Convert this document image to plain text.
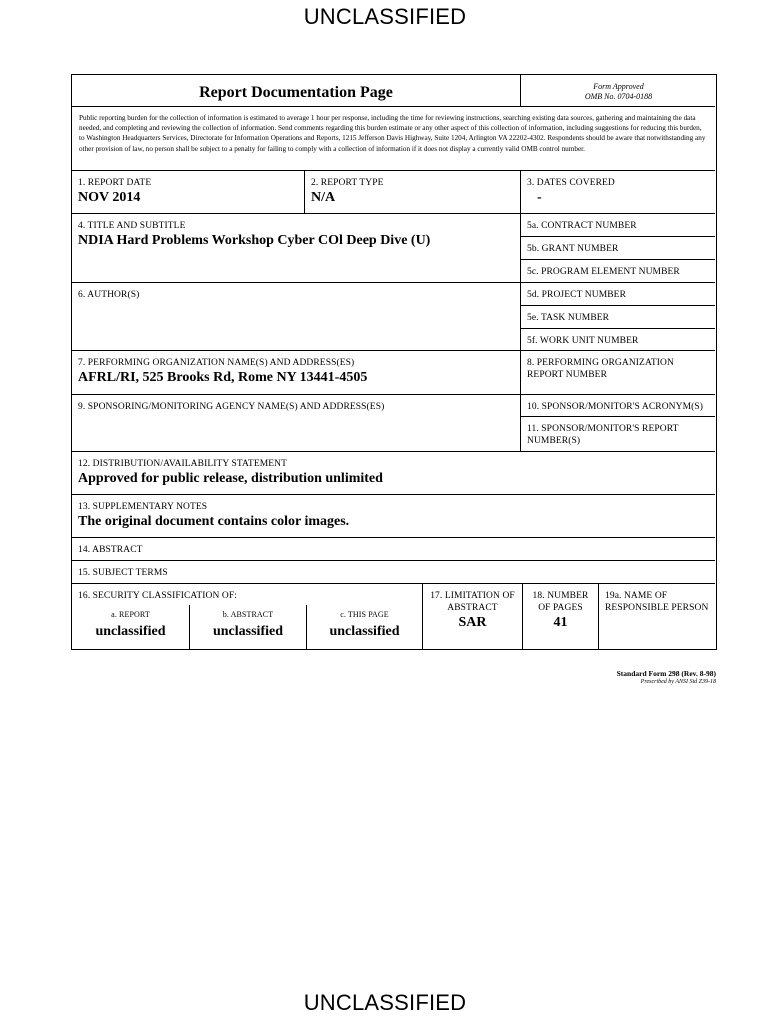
UNCLASSIFIED
Report Documentation Page	Form Approved
OMB No. 0704-0188
Public reporting burden for the collection of information is estimated to average 1 hour per response, including the time for reviewing instructions, searching existing data sources, gathering and maintaining the data needed, and completing and reviewing the collection of information. Send comments regarding this burden estimate or any other aspect of this collection of information, including suggestions for reducing this burden, to Washington Headquarters Services, Directorate for Information Operations and Reports, 1215 Jefferson Davis Highway, Suite 1204, Arlington VA 22202-4302. Respondents should be aware that notwithstanding any other provision of law, no person shall be subject to a penalty for failing to comply with a collection of information if it does not display a currently valid OMB control number.
1. REPORT DATE
NOV 2014
2. REPORT TYPE
N/A
3. DATES COVERED
-
4. TITLE AND SUBTITLE
NDIA Hard Problems Workshop Cyber COl Deep Dive (U)
5a. CONTRACT NUMBER
5b. GRANT NUMBER
5c. PROGRAM ELEMENT NUMBER
6. AUTHOR(S)	5d. PROJECT NUMBER
5e. TASK NUMBER
5f. WORK UNIT NUMBER
7. PERFORMING ORGANIZATION NAME(S) AND ADDRESS(ES)
AFRL/RI, 525 Brooks Rd, Rome NY 13441-4505
8. PERFORMING ORGANIZATION REPORT NUMBER
9. SPONSORING/MONITORING AGENCY NAME(S) AND ADDRESS(ES)	10. SPONSOR/MONITOR'S ACRONYM(S)
11. SPONSOR/MONITOR'S REPORT NUMBER(S)
12. DISTRIBUTION/AVAILABILITY STATEMENT
Approved for public release, distribution unlimited
13. SUPPLEMENTARY NOTES
The original document contains color images.
14. ABSTRACT
15. SUBJECT TERMS
16. SECURITY CLASSIFICATION OF:
a. REPORT
unclassified
b. ABSTRACT
unclassified
c. THIS PAGE
unclassified
17. LIMITATION OF ABSTRACT
SAR
18. NUMBER OF PAGES
41
19a. NAME OF RESPONSIBLE PERSON
Standard Form 298 (Rev. 8-98)
Prescribed by ANSI Std Z39-18
UNCLASSIFIED
